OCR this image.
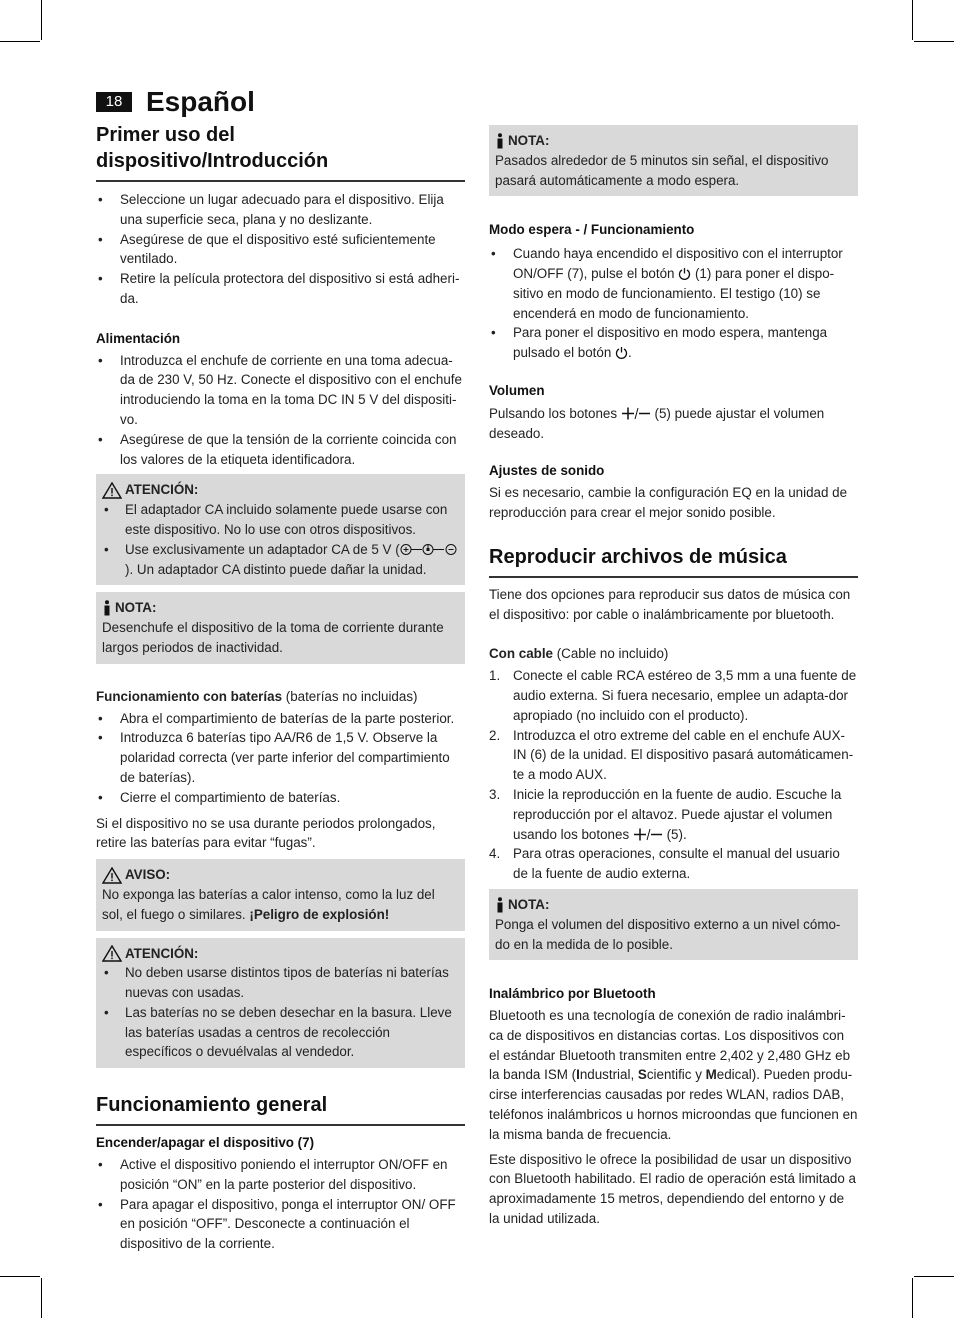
18 Español
Primer uso del dispositivo/Introducción
• Seleccione un lugar adecuado para el dispositivo. Elija una superficie seca, plana y no deslizante.
• Asegúrese de que el dispositivo esté suficientemente ventilado.
• Retire la película protectora del dispositivo si está adheri-da.
Alimentación
• Introduzca el enchufe de corriente en una toma adecua-da de 230 V, 50 Hz. Conecte el dispositivo con el enchufe introduciendo la toma en la toma DC IN 5 V del dispositi-vo.
• Asegúrese de que la tensión de la corriente coincida con los valores de la etiqueta identificadora.
ATENCIÓN:
• El adaptador CA incluido solamente puede usarse con este dispositivo. No lo use con otros dispositivos.
• Use exclusivamente un adaptador CA de 5 V (). Un adaptador CA distinto puede dañar la unidad.
NOTA:

Desenchufe el dispositivo de la toma de corriente durante largos periodos de inactividad.

Funcionamiento con baterías (baterías no incluidas)

• Abra el compartimiento de baterías de la parte posterior.
• Introduzca 6 baterías tipo AA/R6 de 1,5 V. Observe la polaridad correcta (ver parte inferior del compartimiento de baterías).
• Cierre el compartimiento de baterías.

Si el dispositivo no se usa durante periodos prolongados, retire las baterías para evitar “fugas”.

AVISO:

No exponga las baterías a calor intenso, como la luz del sol, el fuego o similares. ¡Peligro de explosión!

ATENCIÓN:
• No deben usarse distintos tipos de baterías ni baterías nuevas con usadas.
• Las baterías no se deben desechar en la basura. Lleve las baterías usadas a centros de recolección específicos o devuélvalas al vendedor.
Funcionamiento general
Encender/apagar el dispositivo (7)
• Active el dispositivo poniendo el interruptor ON/OFF en posición “ON” en la parte posterior del dispositivo.
• Para apagar el dispositivo, ponga el interruptor ON/ OFF en posición “OFF”. Desconecte a continuación el dispositivo de la corriente.
NOTA:

Pasados alrededor de 5 minutos sin señal, el dispositivo pasará automáticamente a modo espera.

Modo espera - / Funcionamiento
• Cuando haya encendido el dispositivo con el interruptor ON/OFF (7), pulse el botón  (1) para poner el dispo-sitivo en modo de funcionamiento. El testigo (10) se encenderá en modo de funcionamiento.
• Para poner el dispositivo en modo espera, mantenga pulsado el botón .
Volumen

Pulsando los botones  (5) puede ajustar el volumen deseado.

Ajustes de sonido

Si es necesario, cambie la configuración EQ en la unidad de reproducción para crear el mejor sonido posible.

Reproducir archivos de música

Tiene dos opciones para reproducir sus datos de música con el dispositivo: por cable o inalámbricamente por bluetooth.

Con cable (Cable no incluido)

1. Conecte el cable RCA estéreo de 3,5 mm a una fuente de audio externa. Si fuera necesario, emplee un adapta-dor apropiado (no incluido con el producto).
2. Introduzca el otro extreme del cable en el enchufe AUX-IN (6) de la unidad. El dispositivo pasará automáticamen-te a modo AUX.
3. Inicie la reproducción en la fuente de audio. Escuche la reproducción por el altavoz. Puede ajustar el volumen usando los botones  (5).
4. Para otras operaciones, consulte el manual del usuario de la fuente de audio externa.
NOTA:

Ponga el volumen del dispositivo externo a un nivel cómo-do en la medida de lo posible.

Inalámbrico por Bluetooth

Bluetooth es una tecnología de conexión de radio inalámbri-ca de dispositivos en distancias cortas. Los dispositivos con el estándar Bluetooth transmiten entre 2,402 y 2,480 GHz eb la banda ISM (Industrial, Scientific y Medical). Pueden produ-cirse interferencias causadas por redes WLAN, radios DAB, teléfonos inalámbricos u hornos microondas que funcionen en la misma banda de frecuencia.

Este dispositivo le ofrece la posibilidad de usar un dispositivo con Bluetooth habilitado. El radio de operación está limitado a aproximadamente 15 metros, dependiendo del entorno y de la unidad utilizada.
